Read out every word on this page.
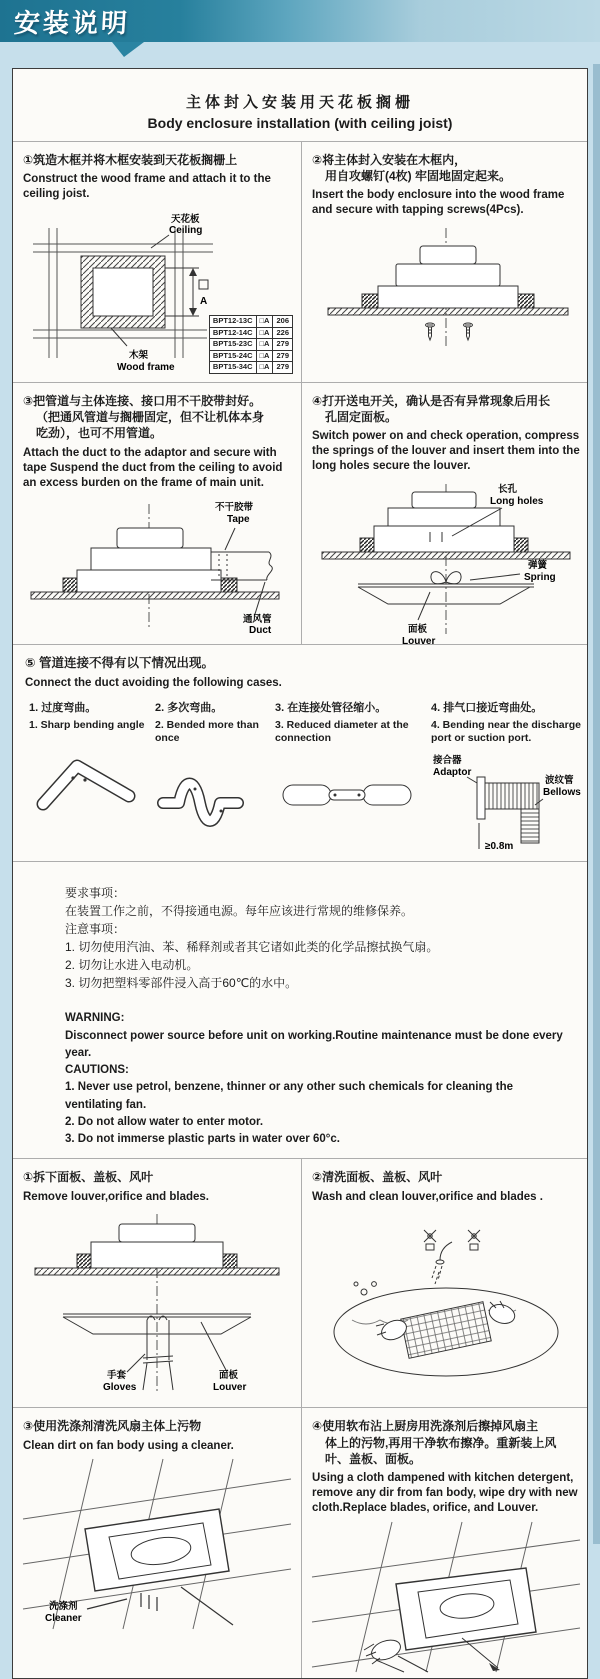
安装说明
主体封入安装用天花板搁栅
Body enclosure installation (with ceiling joist)
①筑造木框并将木框安装到天花板搁栅上
Construct the wood frame and attach it to the ceiling joist.
A
天花板
Ceiling
木架
Wood frame
BPT12-13C	□A	206
BPT12-14C	□A	226
BPT15-23C	□A	279
BPT15-24C	□A	279
BPT15-34C	□A	279
②将主体封入安装在木框内，
用自攻螺钉(4枚) 牢固地固定起来。
Insert the body enclosure into the wood frame and secure with tapping screws(4Pcs).
③把管道与主体连接、接口用不干胶带封好。
（把通风管道与搁栅固定，但不让机体本身
吃劲），也可不用管道。
Attach the duct to the adaptor and secure with tape Suspend the duct from the ceiling to avoid an excess burden on the frame of main unit.
不干胶带
Tape
通风管
Duct
④打开送电开关，确认是否有异常现象后用长
孔固定面板。
Switch power on and check operation, compress the springs of the louver and insert them into the long holes secure the louver.
长孔
Long holes
弹簧
Spring
面板
Louver
⑤ 管道连接不得有以下情况出现。
Connect the duct avoiding the following cases.
1. 过度弯曲。
1. Sharp bending angle
2. 多次弯曲。
2. Bended more than once
3. 在连接处管径缩小。
3. Reduced diameter at the connection
4. 排气口接近弯曲处。
4. Bending near the discharge port or suction port.
接合器
Adaptor
波纹管
Bellows
≥0.8m
要求事项：
在装置工作之前，不得接通电源。每年应该进行常规的维修保养。
注意事项：
1. 切勿使用汽油、苯、稀释剂或者其它诸如此类的化学品擦拭换气扇。
2. 切勿让水进入电动机。
3. 切勿把塑料零部件浸入高于60℃的水中。
WARNING:
Disconnect power source before unit on working.Routine maintenance must be done every year.
CAUTIONS:
1. Never use petrol, benzene, thinner or any other such chemicals for cleaning the ventilating fan.
2. Do not allow water to enter motor.
3. Do not immerse plastic parts in water over 60°c.
①拆下面板、盖板、风叶
Remove louver,orifice and blades.
手套
Gloves
面板
Louver
②清洗面板、盖板、风叶
Wash and clean louver,orifice and blades .
③使用洗涤剂清洗风扇主体上污物
Clean dirt on fan body using a cleaner.
洗涤剂
Cleaner
④使用软布沾上厨房用洗涤剂后擦掉风扇主
体上的污物,再用干净软布擦净。重新装上风
叶、盖板、面板。
Using a cloth dampened with kitchen detergent, remove any dir from fan body, wipe dry with new cloth.Replace blades, orifice, and Louver.
